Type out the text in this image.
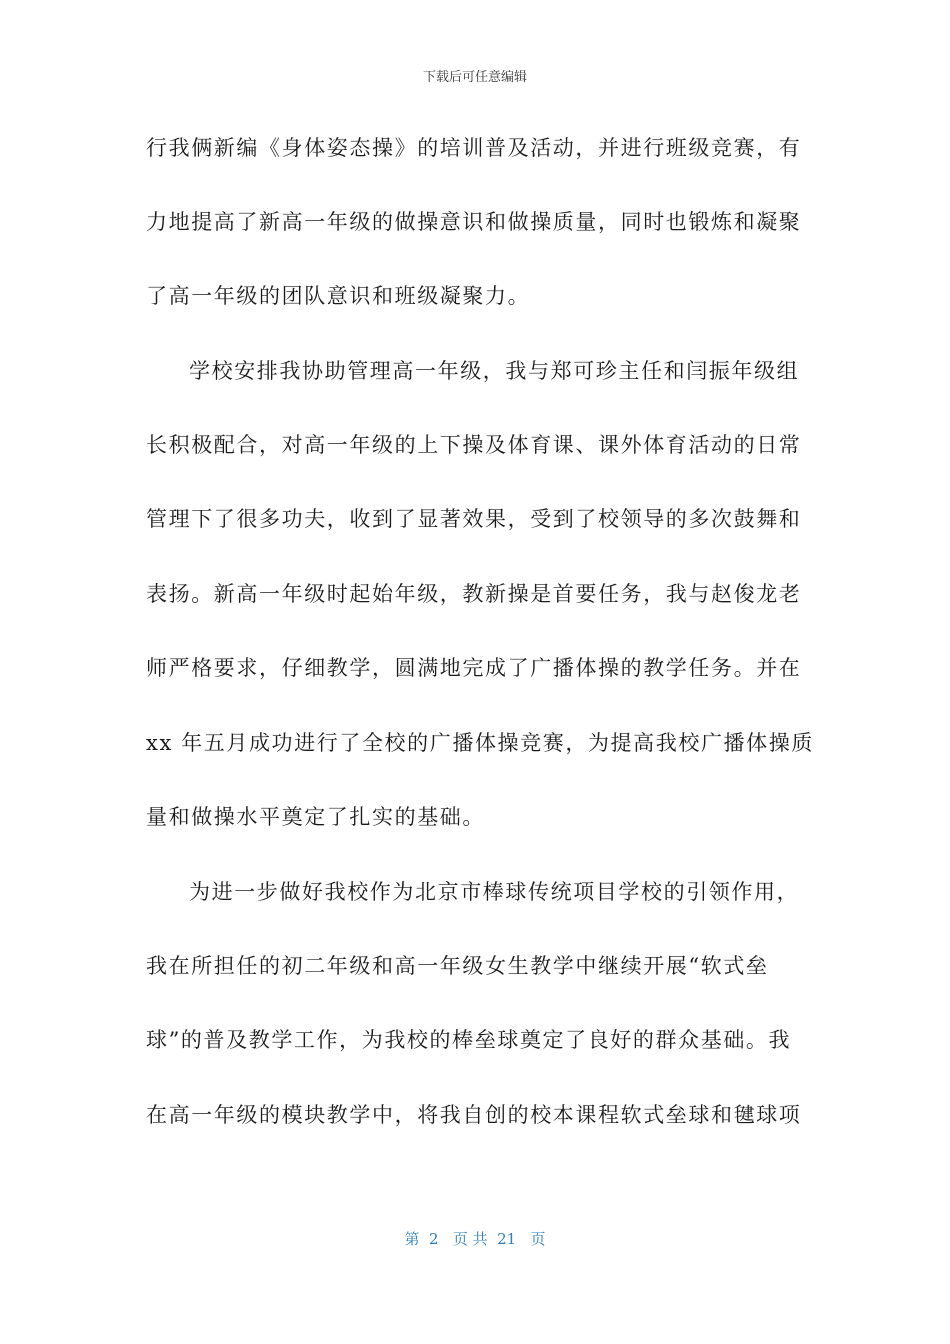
下载后可任意编辑
行我俩新编《身体姿态操》的培训普及活动，并进行班级竞赛，有
力地提高了新高一年级的做操意识和做操质量，同时也锻炼和凝聚
了高一年级的团队意识和班级凝聚力。
学校安排我协助管理高一年级，我与郑可珍主任和闫振年级组
长积极配合，对高一年级的上下操及体育课、课外体育活动的日常
管理下了很多功夫，收到了显著效果，受到了校领导的多次鼓舞和
表扬。新高一年级时起始年级，教新操是首要任务，我与赵俊龙老
师严格要求，仔细教学，圆满地完成了广播体操的教学任务。并在
xx 年五月成功进行了全校的广播体操竞赛，为提高我校广播体操质
量和做操水平奠定了扎实的基础。
为进一步做好我校作为北京市棒球传统项目学校的引领作用，
我在所担任的初二年级和高一年级女生教学中继续开展“软式垒
球”的普及教学工作，为我校的棒垒球奠定了良好的群众基础。我
在高一年级的模块教学中，将我自创的校本课程软式垒球和毽球项
第  2   页 共  21   页
